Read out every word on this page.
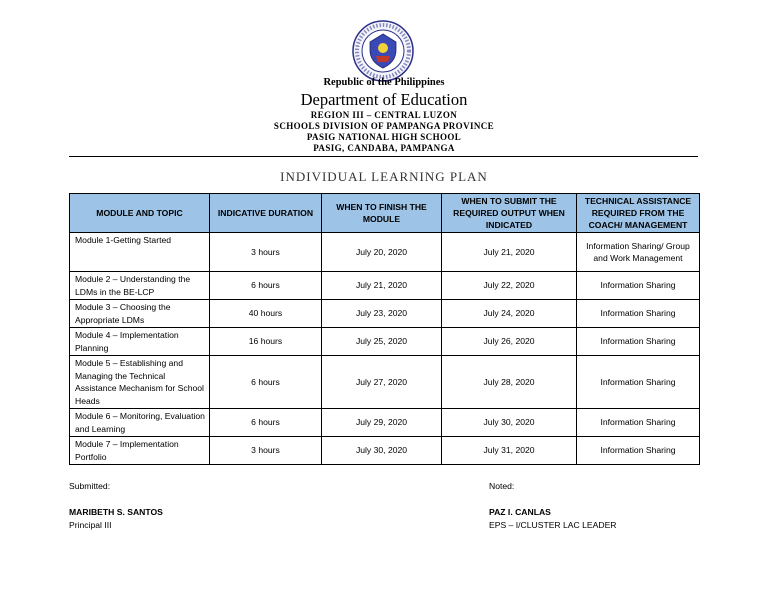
Republic of the Philippines
Department of Education
REGION III – CENTRAL LUZON
SCHOOLS DIVISION OF PAMPANGA PROVINCE
PASIG NATIONAL HIGH SCHOOL
PASIG, CANDABA, PAMPANGA
INDIVIDUAL LEARNING PLAN
MODULE AND TOPIC	INDICATIVE DURATION	WHEN TO FINISH THE MODULE	WHEN TO SUBMIT THE REQUIRED OUTPUT WHEN INDICATED	TECHNICAL ASSISTANCE REQUIRED FROM THE COACH/ MANAGEMENT
Module 1-Getting Started	3 hours	July 20, 2020	July 21, 2020	Information Sharing/ Group and Work Management
Module 2 – Understanding the LDMs in the BE-LCP	6 hours	July 21, 2020	July 22, 2020	Information Sharing
Module 3 – Choosing the Appropriate LDMs	40 hours	July 23, 2020	July 24, 2020	Information Sharing
Module 4 – Implementation Planning	16 hours	July 25, 2020	July 26, 2020	Information Sharing
Module 5 – Establishing and Managing the Technical Assistance Mechanism for School Heads	6 hours	July 27, 2020	July 28, 2020	Information Sharing
Module 6 – Monitoring, Evaluation and Learning	6 hours	July 29, 2020	July 30, 2020	Information Sharing
Module 7 – Implementation Portfolio	3 hours	July 30, 2020	July 31, 2020	Information Sharing
Submitted:
MARIBETH S. SANTOS
Principal III
Noted:
PAZ I. CANLAS
EPS – I/CLUSTER LAC LEADER
